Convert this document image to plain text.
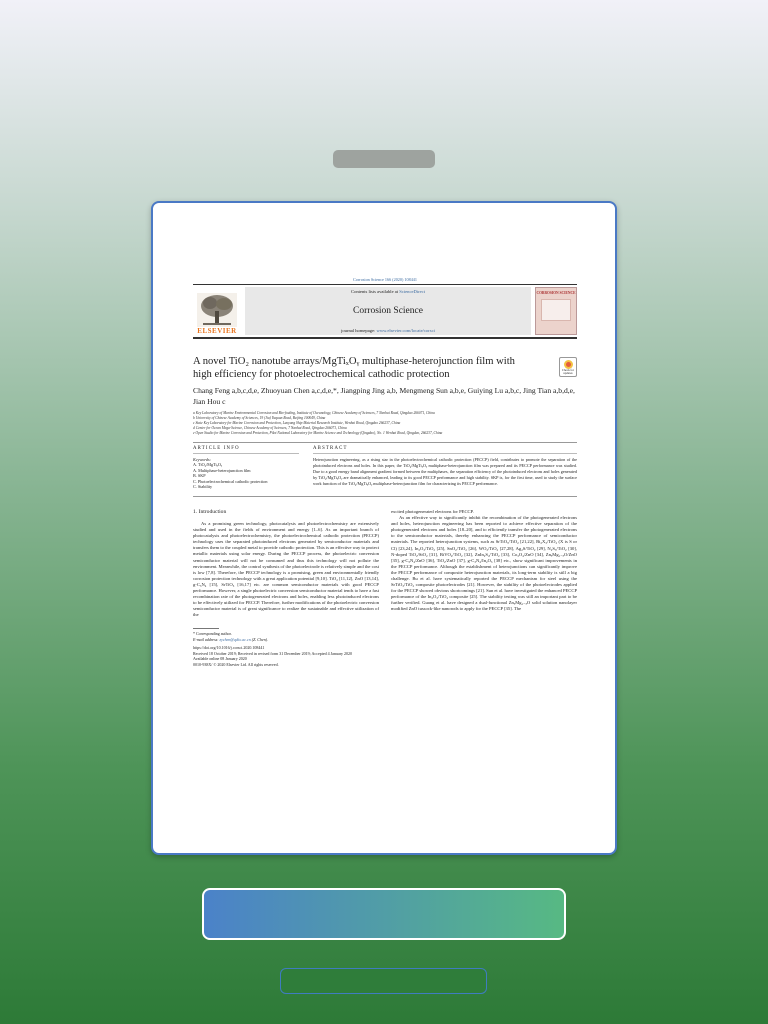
Corrosion Science 166 (2020) 108441
ELSEVIER
Contents lists available at ScienceDirect
Corrosion Science
journal homepage: www.elsevier.com/locate/corsci
CORROSION SCIENCE
A novel TiO₂ nanotube arrays/MgTiₓOᵧ multiphase-heterojunction film with high efficiency for photoelectrochemical cathodic protection	Check for updates
Chang Feng a,b,c,d,e, Zhuoyuan Chen a,c,d,e,*, Jiangping Jing a,b, Mengmeng Sun a,b,e, Guiying Lu a,b,c, Jing Tian a,b,d,e, Jian Hou c
a Key Laboratory of Marine Environmental Corrosion and Bio-fouling, Institute of Oceanology, Chinese Academy of Sciences, 7 Nanhai Road, Qingdao 266071, China
b University of Chinese Academy of Sciences, 19 (Jia) Yuquan Road, Beijing 100049, China
c State Key Laboratory for Marine Corrosion and Protection, Luoyang Ship Material Research Institute, Wenhai Road, Qingdao 266237, China
d Center for Ocean Mega-Science, Chinese Academy of Sciences, 7 Nanhai Road, Qingdao 266071, China
e Open Studio for Marine Corrosion and Protection, Pilot National Laboratory for Marine Science and Technology (Qingdao), No. 1 Wenhai Road, Qingdao, 266237, China
ARTICLE INFO
Keywords:
A. TiO₂/MgTiₓOᵧ
A. Multiphase-heterojunction film
B. SKP
C. Photoelectrochemical cathodic protection
C. Stability
ABSTRACT
Heterojunction engineering, as a rising star in the photoelectrochemical cathodic protection (PECCP) field, contributes to promote the separation of the photoinduced electrons and holes. In this paper, the TiO₂/MgTiₓOᵧ multiphase-heterojunction film was prepared and its PECCP performance was studied. Due to a good energy band alignment gradient formed between the multiphases, the separation efficiency of the photoinduced electrons and holes generated by TiO₂/MgTiₓOᵧ are dramatically enhanced, leading to its good PECCP performance and high stability. SKP is, for the first time, used to study the surface work function of the TiO₂/MgTiₓOᵧ multiphase-heterojunction film for characterizing its PECCP performance.
1. Introduction
As a promising green technology, photocatalysis and photoelectrochemistry are extensively studied and used in the fields of environment and energy [1–6]. As an important branch of photocatalysis and photoelectrochemistry, the photoelectrochemical cathodic protection (PECCP) technology uses the separated photoinduced electrons generated by semiconductor materials and transfers them to the coupled metal to provide cathodic protection. This is an effective way to protect metallic materials using solar energy. During the PECCP process, the photoelectric conversion semiconductor material will not be consumed and thus this technology will not pollute the environment. Meanwhile, the control synthesis of the photoelectrode is relatively simple and the cost is low [7,8]. Therefore, the PECCP technology is a promising, green and environmentally friendly corrosion protection technology with a great application potential [9,10]. TiO₂ [11,12], ZnO [13,14], g-C₃N₄ [15], SrTiO₃ [16,17] etc. are common semiconductor materials with good PECCP performance. However, a single photoelectric conversion semiconductor material tends to have a fast recombination rate of the photogenerated electrons and holes, enabling less photoinduced electrons to be effectively utilized for PECCP. Therefore, further modifications of the photoelectric conversion semiconductor material is of great significance to realize the sustainable and effective utilization of the
* Corresponding author.
E-mail address: zychen@qdio.ac.cn (Z. Chen).
https://doi.org/10.1016/j.corsci.2020.108441
Received 18 October 2019; Received in revised form 31 December 2019; Accepted 4 January 2020
Available online 08 January 2020
0010-938X/ © 2020 Elsevier Ltd. All rights reserved.
excited photogenerated electrons for PECCP.
As an effective way to significantly inhibit the recombination of the photogenerated electrons and holes, heterojunction engineering has been reported to achieve effective separation of the photogenerated electrons and holes [18–20], and to efficiently transfer the photogenerated electrons to the semiconductor materials, thereby enhancing the PECCP performance of semiconductor materials. The reported heterojunction systems, such as SrTiO₃/TiO₂ [21,22], Bi₂X₃/TiO₂ (X is S or Cl) [23,24], In₂O₃/TiO₂ [25], SnO₂/TiO₂ [26], WO₃/TiO₂ [27,28], Ag₂S/TiO₂ [29], N₂S₃/TiO₂ [30], N-doped TiO₂/SiO₂ [31], BiVO₄/TiO₂ [32], ZnIn₂S₄/TiO₂ [33], Co₃O₄/ZnO [34], ZnₓMg₁₋ₓO/ZnO [35], g-C₃N₄/ZnO [36], TiO₂/ZnO [37], g-C₃N₄/In₂O₃ [38] etc., show significant improvements in the PECCP performance. Although the establishment of heterojunctions can significantly improve the PECCP performance of composite heterojunction materials, its long-term stability is still a big challenge. Bu et al. have systematically reported the PECCP mechanism for steel using the SrTiO₃/TiO₂ composite photoelectrodes [21]. However, the stability of the photoelectrodes applied for the PECCP showed obvious shortcomings [21]. Sun et al. have investigated the enhanced PECCP performance of the In₂O₃/TiO₂ composite [25]. The stability testing was still an important part to be further verified. Guang et al. have designed a dual-functional ZnₓMg₁₋ₓO solid solution nanolayer modified ZnO tussock-like nanorods to apply for the PECCP [35]. The
